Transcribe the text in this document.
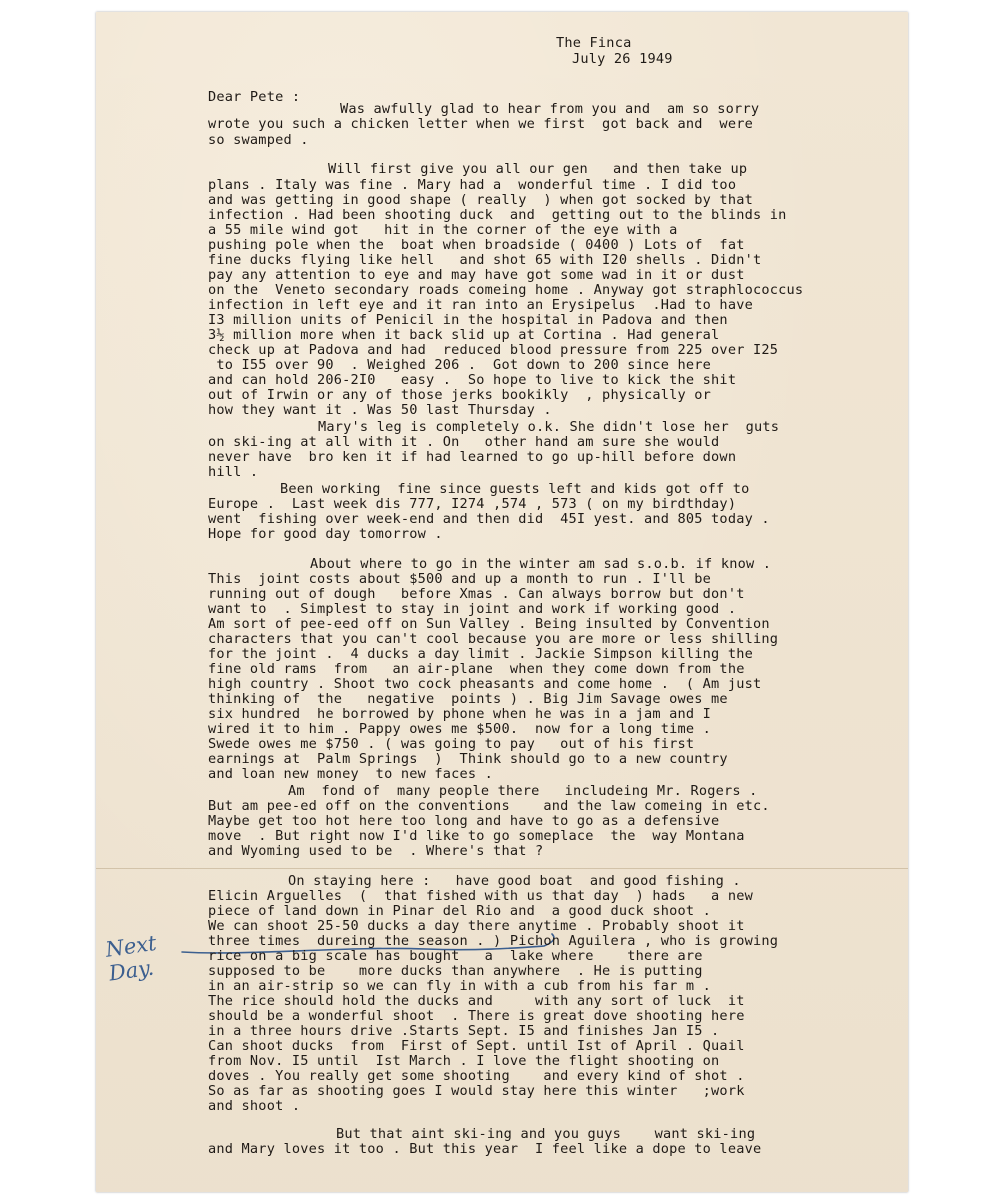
Next
Day.
The Finca
July 26 1949
Dear Pete :
Was awfully glad to hear from you and  am so sorry
wrote you such a chicken letter when we first  got back and  were
so swamped .
Will first give you all our gen   and then take up
plans . Italy was fine . Mary had a  wonderful time . I did too
and was getting in good shape ( really  ) when got socked by that
infection . Had been shooting duck  and  getting out to the blinds in
a 55 mile wind got   hit in the corner of the eye with a
pushing pole when the  boat when broadside ( 0400 ) Lots of  fat
fine ducks flying like hell   and shot 65 with I20 shells . Didn't
pay any attention to eye and may have got some wad in it or dust
on the  Veneto secondary roads comeing home . Anyway got straphlococcus
infection in left eye and it ran into an Erysipelus  .Had to have
I3 million units of Penicil in the hospital in Padova and then
3½ million more when it back slid up at Cortina . Had general
check up at Padova and had  reduced blood pressure from 225 over I25
to I55 over 90  . Weighed 206 .  Got down to 200 since here
and can hold 206-2I0   easy .  So hope to live to kick the shit
out of Irwin or any of those jerks bookikly  , physically or
how they want it . Was 50 last Thursday .
Mary's leg is completely o.k. She didn't lose her  guts
on ski-ing at all with it . On   other hand am sure she would
never have  bro ken it if had learned to go up-hill before down
hill .
Been working  fine since guests left and kids got off to
Europe .  Last week dis 777, I274 ,574 , 573 ( on my birdthday)
went  fishing over week-end and then did  45I yest. and 805 today .
Hope for good day tomorrow .
About where to go in the winter am sad s.o.b. if know .
This  joint costs about $500 and up a month to run . I'll be
running out of dough   before Xmas . Can always borrow but don't
want to  . Simplest to stay in joint and work if working good .
Am sort of pee-eed off on Sun Valley . Being insulted by Convention
characters that you can't cool because you are more or less shilling
for the joint .  4 ducks a day limit . Jackie Simpson killing the
fine old rams  from   an air-plane  when they come down from the
high country . Shoot two cock pheasants and come home .  ( Am just
thinking of  the   negative  points ) . Big Jim Savage owes me
six hundred  he borrowed by phone when he was in a jam and I
wired it to him . Pappy owes me $500.  now for a long time .
Swede owes me $750 . ( was going to pay   out of his first
earnings at  Palm Springs  )  Think should go to a new country
and loan new money  to new faces .
Am  fond of  many people there   includeing Mr. Rogers .
But am pee-ed off on the conventions    and the law comeing in etc.
Maybe get too hot here too long and have to go as a defensive
move  . But right now I'd like to go someplace  the  way Montana
and Wyoming used to be  . Where's that ?
On staying here :   have good boat  and good fishing .
Elicin Arguelles  (  that fished with us that day  ) hads   a new
piece of land down in Pinar del Rio and  a good duck shoot .
We can shoot 25-50 ducks a day there anytime . Probably shoot it
three times  dureing the season . ) Pichon Aguilera , who is growing
rice on a big scale has bought   a  lake where    there are
supposed to be    more ducks than anywhere  . He is putting
in an air-strip so we can fly in with a cub from his far m .
The rice should hold the ducks and     with any sort of luck  it
should be a wonderful shoot  . There is great dove shooting here
in a three hours drive .Starts Sept. I5 and finishes Jan I5 .
Can shoot ducks  from  First of Sept. until Ist of April . Quail
from Nov. I5 until  Ist March . I love the flight shooting on
doves . You really get some shooting    and every kind of shot .
So as far as shooting goes I would stay here this winter   ;work
and shoot .
But that aint ski-ing and you guys    want ski-ing
and Mary loves it too . But this year  I feel like a dope to leave
